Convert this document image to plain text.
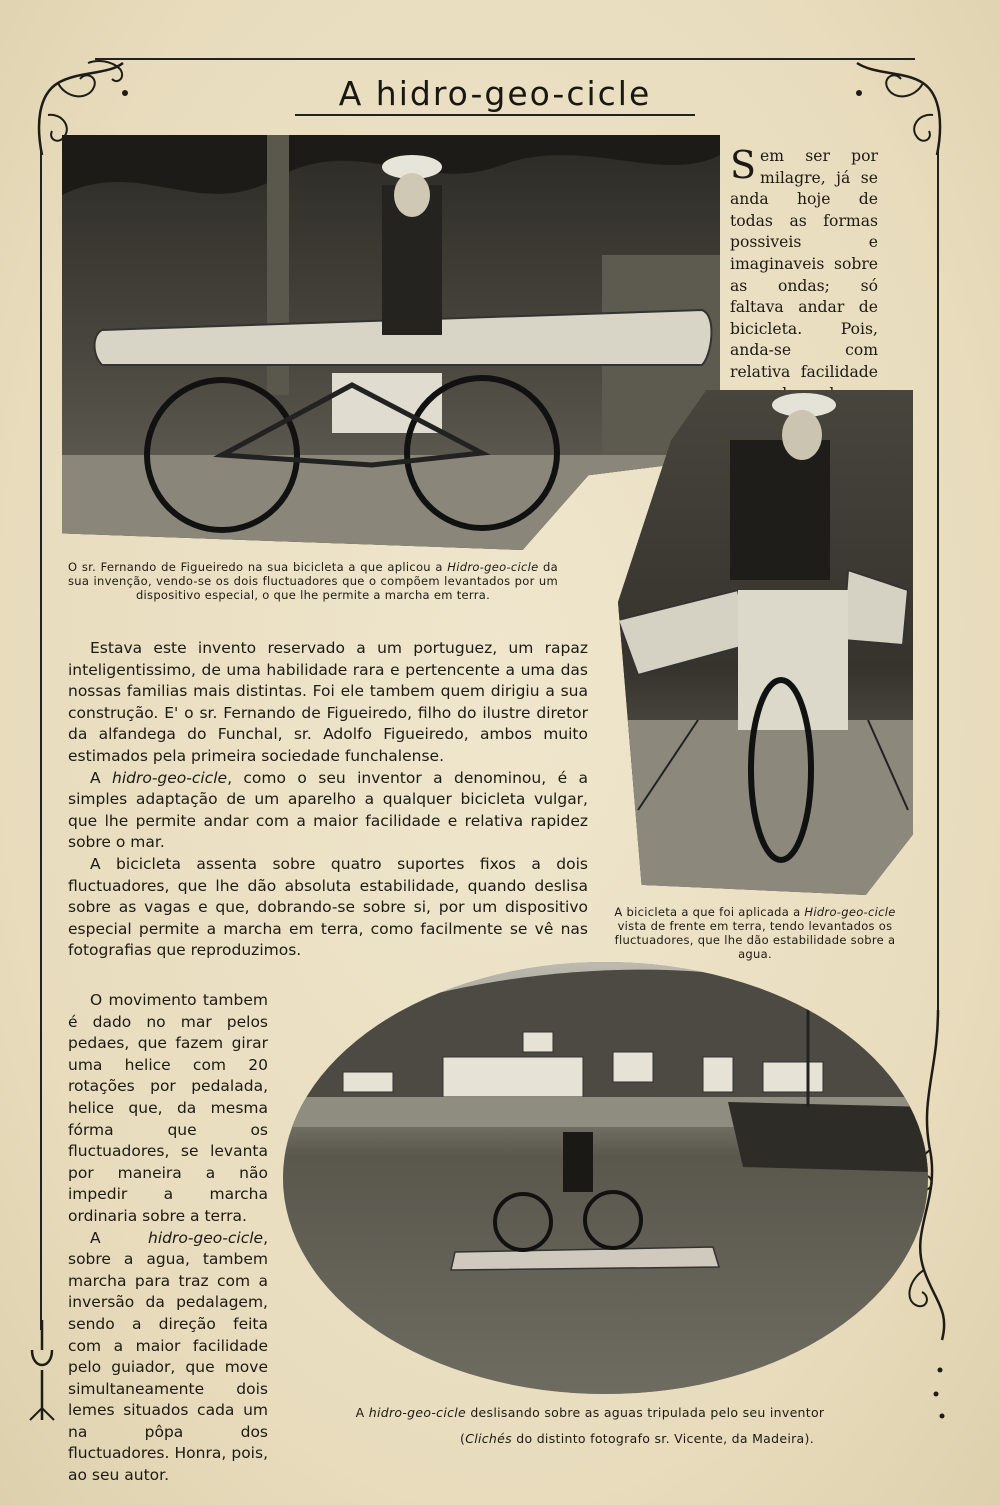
A hidro-geo-cicle
O sr. Fernando de Figueiredo na sua bicicleta a que aplicou a Hidro-geo-cicle da sua invenção, vendo-se os dois fluctuadores que o compõem levantados por um dispositivo especial, o que lhe permite a marcha em terra.
Sem ser por milagre, já se anda hoje de todas as formas possiveis e imaginaveis sobre as ondas; só faltava andar de bicicleta. Pois, anda-se com relativa facilidade
A bicicleta a que foi aplicada a Hidro-geo-cicle vista de frente em terra, tendo levantados os fluctuadores, que lhe dão estabilidade sobre a agua.

Estava este invento reservado a um portuguez, um rapaz inteligentissimo, de uma habilidade rara e pertencente a uma das nossas familias mais distintas. Foi ele tambem quem dirigiu a sua construção. E' o sr. Fernando de Figueiredo, filho do ilustre diretor da alfandega do Funchal, sr. Adolfo Figueiredo, ambos muito estimados pela primeira sociedade funchalense.

A hidro-geo-cicle, como o seu inventor a denominou, é a simples adaptação de um aparelho a qualquer bicicleta vulgar, que lhe permite andar com a maior facilidade e relativa rapidez sobre o mar.

A bicicleta assenta sobre quatro suportes fixos a dois fluctuadores, que lhe dão absoluta estabilidade, quando deslisa sobre as vagas e que, dobrando-se sobre si, por um dispositivo especial permite a marcha em terra, como facilmente se vê nas fotografias que reproduzimos.

O movimento tambem é dado no mar pelos pedaes, que fazem girar uma helice com 20 rotações por pedalada, helice que, da mesma fórma que os fluctuadores, se levanta por maneira a não impedir a marcha ordinaria sobre a terra.

A hidro-geo-cicle, sobre a agua, tambem marcha para traz com a inversão da pedalagem, sendo a direção feita com a maior facilidade pelo guiador, que move simultaneamente dois lemes situados cada um na pôpa dos fluctuadores. Honra, pois, ao seu autor.

A hidro-geo-cicle deslisando sobre as aguas tripulada pelo seu inventor
(Clichés do distinto fotografo sr. Vicente, da Madeira).
